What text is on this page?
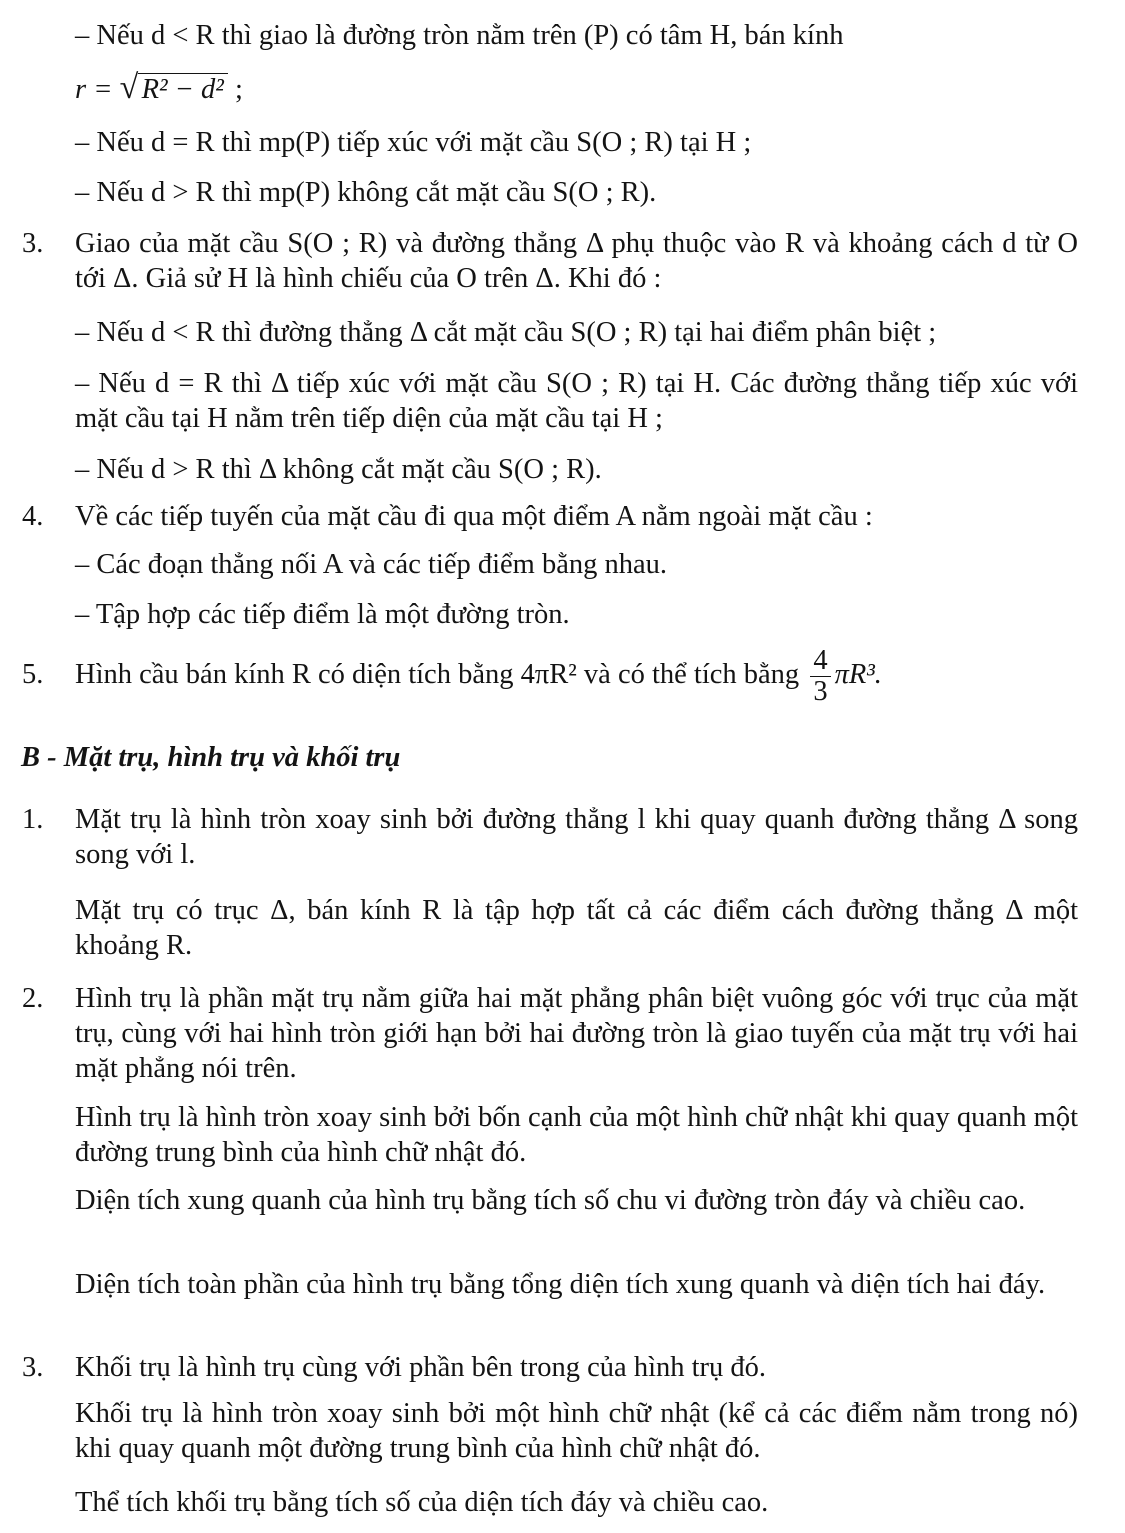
– Nếu d < R thì giao là đường tròn nằm trên (P) có tâm H, bán kính

r = √ R² − d² ;

– Nếu d = R thì mp(P) tiếp xúc với mặt cầu S(O ; R) tại H ;

– Nếu d > R thì mp(P) không cắt mặt cầu S(O ; R).

3. Giao của mặt cầu S(O ; R) và đường thẳng Δ phụ thuộc vào R và khoảng cách d từ O tới Δ. Giả sử H là hình chiếu của O trên Δ. Khi đó :

– Nếu d < R thì đường thẳng Δ cắt mặt cầu S(O ; R) tại hai điểm phân biệt ;

– Nếu d = R thì Δ tiếp xúc với mặt cầu S(O ; R) tại H. Các đường thẳng tiếp xúc với mặt cầu tại H nằm trên tiếp diện của mặt cầu tại H ;

– Nếu d > R thì Δ không cắt mặt cầu S(O ; R).

4. Về các tiếp tuyến của mặt cầu đi qua một điểm A nằm ngoài mặt cầu :

– Các đoạn thẳng nối A và các tiếp điểm bằng nhau.

– Tập hợp các tiếp điểm là một đường tròn.

5. Hình cầu bán kính R có diện tích bằng 4πR² và có thể tích bằng $\frac{4}{3} \pi R^3$.

B - Mặt trụ, hình trụ và khối trụ
1. Mặt trụ là hình tròn xoay sinh bởi đường thẳng l khi quay quanh đường thẳng Δ song song với l.

Mặt trụ có trục Δ, bán kính R là tập hợp tất cả các điểm cách đường thẳng Δ một khoảng R.

2. Hình trụ là phần mặt trụ nằm giữa hai mặt phẳng phân biệt vuông góc với trục của mặt trụ, cùng với hai hình tròn giới hạn bởi hai đường tròn là giao tuyến của mặt trụ với hai mặt phẳng nói trên.

Hình trụ là hình tròn xoay sinh bởi bốn cạnh của một hình chữ nhật khi quay quanh một đường trung bình của hình chữ nhật đó.

Diện tích xung quanh của hình trụ bằng tích số chu vi đường tròn đáy và chiều cao.

Diện tích toàn phần của hình trụ bằng tổng diện tích xung quanh và diện tích hai đáy.

3. Khối trụ là hình trụ cùng với phần bên trong của hình trụ đó.

Khối trụ là hình tròn xoay sinh bởi một hình chữ nhật (kể cả các điểm nằm trong nó) khi quay quanh một đường trung bình của hình chữ nhật đó.

Thể tích khối trụ bằng tích số của diện tích đáy và chiều cao.
